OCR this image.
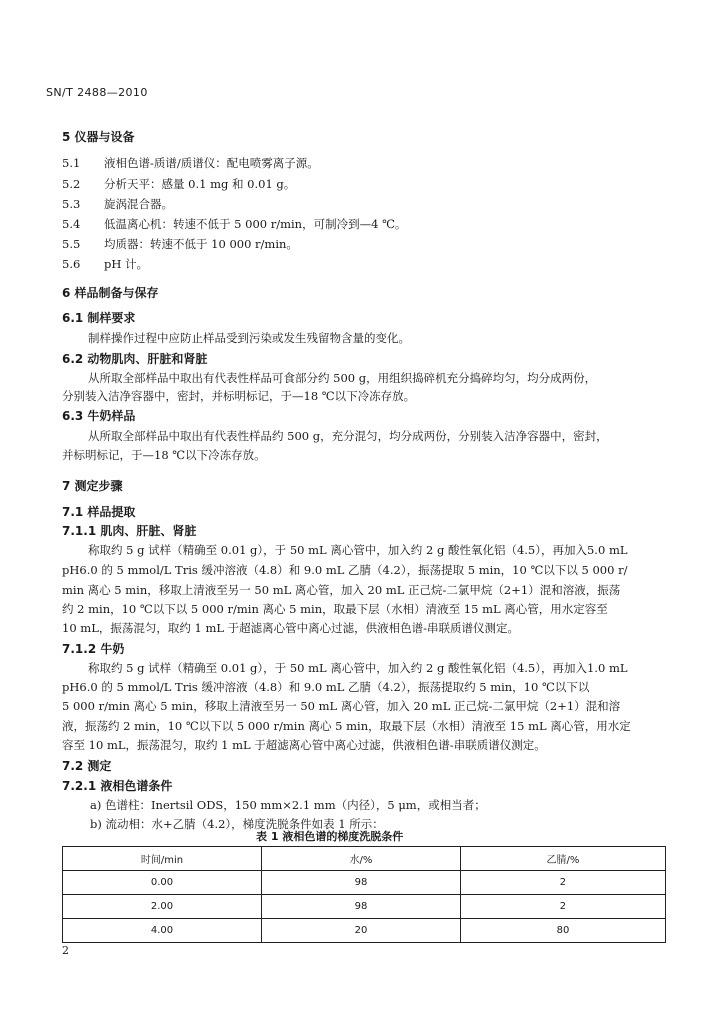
SN/T 2488—2010
5 仪器与设备
5.1 液相色谱-质谱/质谱仪：配电喷雾离子源。
5.2 分析天平：感量 0.1 mg 和 0.01 g。
5.3 旋涡混合器。
5.4 低温离心机：转速不低于 5 000 r/min，可制冷到—4 ℃。
5.5 均质器：转速不低于 10 000 r/min。
5.6 pH 计。
6 样品制备与保存
6.1 制样要求
制样操作过程中应防止样品受到污染或发生残留物含量的变化。
6.2 动物肌肉、肝脏和肾脏
从所取全部样品中取出有代表性样品可食部分约 500 g，用组织捣碎机充分捣碎均匀，均分成两份，
分别装入洁净容器中，密封，并标明标记，于—18 ℃以下冷冻存放。
6.3 牛奶样品
从所取全部样品中取出有代表性样品约 500 g，充分混匀，均分成两份，分别装入洁净容器中，密封，
并标明标记，于—18 ℃以下冷冻存放。
7 测定步骤
7.1 样品提取
7.1.1 肌肉、肝脏、肾脏
称取约 5 g 试样（精确至 0.01 g），于 50 mL 离心管中，加入约 2 g 酸性氧化铝（4.5），再加入5.0 mL
pH6.0 的 5 mmol/L Tris 缓冲溶液（4.8）和 9.0 mL 乙腈（4.2），振荡提取 5 min，10 ℃以下以 5 000 r/
min 离心 5 min，移取上清液至另一 50 mL 离心管，加入 20 mL 正己烷-二氯甲烷（2+1）混和溶液，振荡
约 2 min，10 ℃以下以 5 000 r/min 离心 5 min，取最下层（水相）清液至 15 mL 离心管，用水定容至
10 mL，振荡混匀，取约 1 mL 于超滤离心管中离心过滤，供液相色谱-串联质谱仪测定。
7.1.2 牛奶
称取约 5 g 试样（精确至 0.01 g），于 50 mL 离心管中，加入约 2 g 酸性氧化铝（4.5），再加入1.0 mL
pH6.0 的 5 mmol/L Tris 缓冲溶液（4.8）和 9.0 mL 乙腈（4.2），振荡提取约 5 min，10 ℃以下以
5 000 r/min 离心 5 min，移取上清液至另一 50 mL 离心管，加入 20 mL 正己烷-二氯甲烷（2+1）混和溶
液，振荡约 2 min，10 ℃以下以 5 000 r/min 离心 5 min，取最下层（水相）清液至 15 mL 离心管，用水定
容至 10 mL，振荡混匀，取约 1 mL 于超滤离心管中离心过滤，供液相色谱-串联质谱仪测定。
7.2 测定
7.2.1 液相色谱条件
a) 色谱柱：Inertsil ODS，150 mm×2.1 mm（内径），5 μm，或相当者；
b) 流动相：水+乙腈（4.2），梯度洗脱条件如表 1 所示：
表 1 液相色谱的梯度洗脱条件
时间/min	水/%	乙腈/%
0.00	98	2
2.00	98	2
4.00	20	80
2
